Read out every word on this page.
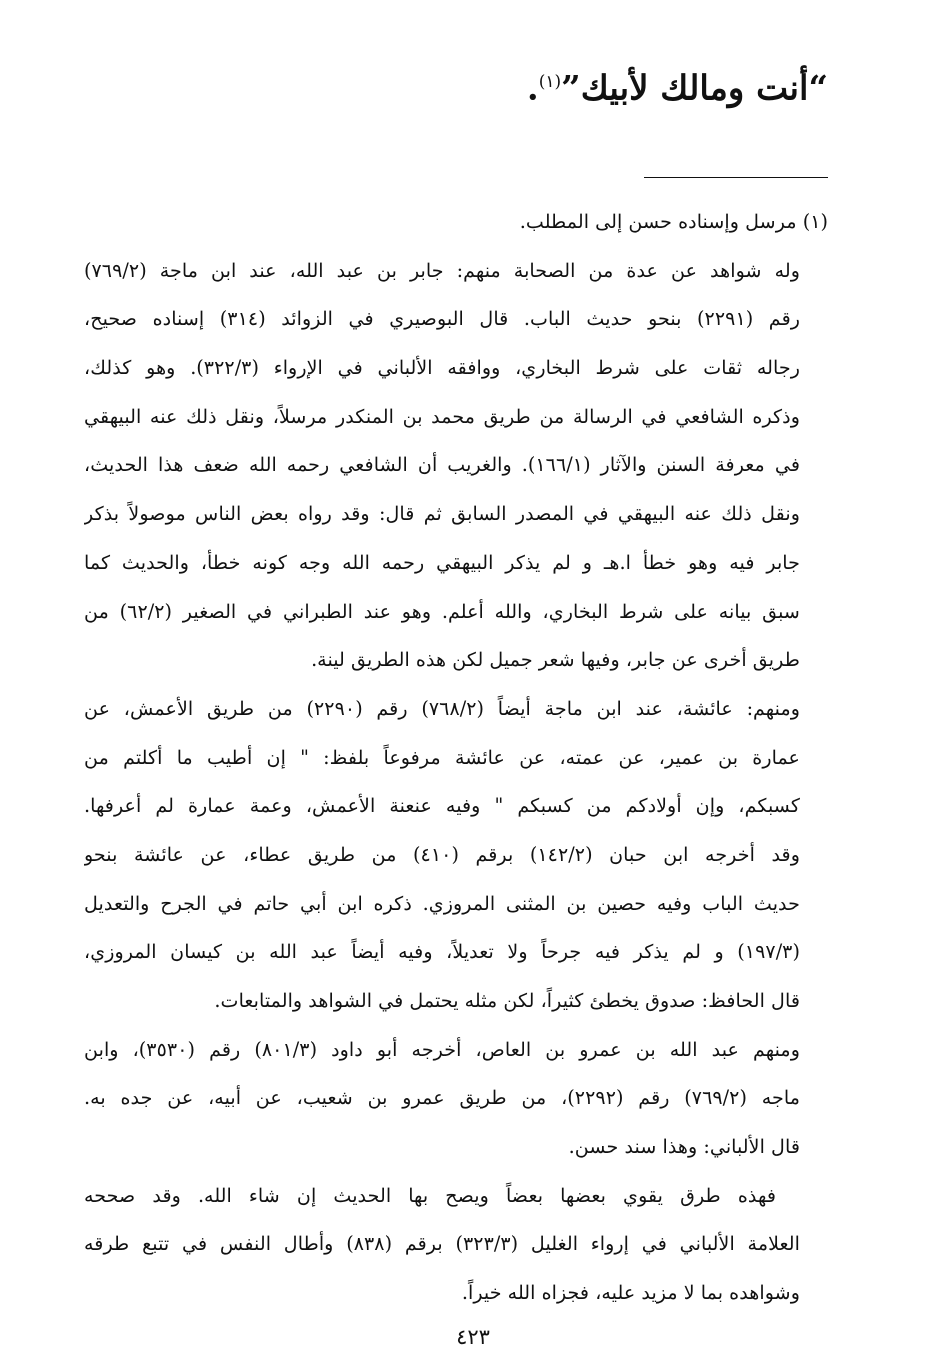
“أنت ومالك لأبيك”$^{(١)}$.
(١) مرسل وإسناده حسن إلى المطلب.
وله شواهد عن عدة من الصحابة منهم: جابر بن عبد الله، عند ابن ماجة (٧٦٩/٢)
رقم (٢٢٩١) بنحو حديث الباب. قال البوصيري في الزوائد (٣١٤) إسناده صحيح،
رجاله ثقات على شرط البخاري، ووافقه الألباني في الإرواء (٣٢٢/٣). وهو كذلك،
وذكره الشافعي في الرسالة من طريق محمد بن المنكدر مرسلاً، ونقل ذلك عنه البيهقي
في معرفة السنن والآثار (١٦٦/١). والغريب أن الشافعي رحمه الله ضعف هذا الحديث،
ونقل ذلك عنه البيهقي في المصدر السابق ثم قال: وقد رواه بعض الناس موصولاً بذكر
جابر فيه وهو خطأ ا.هـ و لم يذكر البيهقي رحمه الله وجه كونه خطأ، والحديث كما
سبق بيانه على شرط البخاري، والله أعلم. وهو عند الطبراني في الصغير (٦٢/٢) من
طريق أخرى عن جابر، وفيها شعر جميل لكن هذه الطريق لينة.
ومنهم: عائشة، عند ابن ماجة أيضاً (٧٦٨/٢) رقم (٢٢٩٠) من طريق الأعمش، عن
عمارة بن عمير، عن عمته، عن عائشة مرفوعاً بلفظ: " إن أطيب ما أكلتم من
كسبكم، وإن أولادكم من كسبكم " وفيه عنعنة الأعمش، وعمة عمارة لم أعرفها.
وقد أخرجه ابن حبان (١٤٢/٢) برقم (٤١٠) من طريق عطاء، عن عائشة بنحو
حديث الباب وفيه حصين بن المثنى المروزي. ذكره ابن أبي حاتم في الجرح والتعديل
(١٩٧/٣) و لم يذكر فيه جرحاً ولا تعديلاً، وفيه أيضاً عبد الله بن كيسان المروزي،
قال الحافظ: صدوق يخطئ كثيراً، لكن مثله يحتمل في الشواهد والمتابعات.
ومنهم عبد الله بن عمرو بن العاص، أخرجه أبو داود (٨٠١/٣) رقم (٣٥٣٠)، وابن
ماجه (٧٦٩/٢) رقم (٢٢٩٢)، من طريق عمرو بن شعيب، عن أبيه، عن جده به.
قال الألباني: وهذا سند حسن.
فهذه طرق يقوي بعضها بعضاً ويصح بها الحديث إن شاء الله. وقد صححه
العلامة الألباني في إرواء الغليل (٣٢٣/٣) برقم (٨٣٨) وأطال النفس في تتبع طرقه
وشواهده بما لا مزيد عليه، فجزاه الله خيراً.
٤٢٣
